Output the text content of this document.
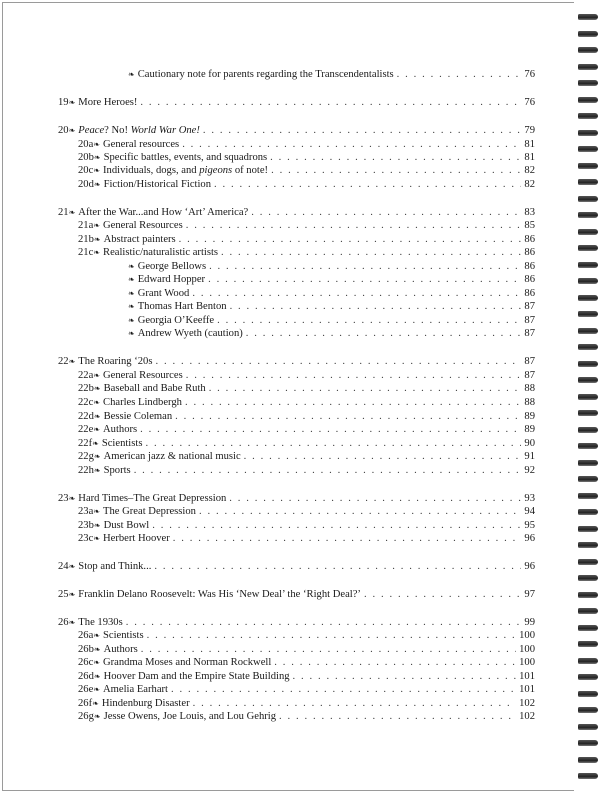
❧ Cautionary note for parents regarding the Transcendentalists . . .	76
19❧ More Heroes! . . .	76
20❧ Peace? No! World War One! . . .	79
20a❧ General resources . . .	81
20b❧ Specific battles, events, and squadrons . . .	81
20c❧ Individuals, dogs, and pigeons of note! . . .	82
20d❧ Fiction/Historical Fiction . . .	82
21❧ After the War...and How ‘Art’ America? . . .	83
21a❧ General Resources . . .	85
21b❧ Abstract painters . . .	86
21c❧ Realistic/naturalistic artists . . .	86
❧ George Bellows . . .	86
❧ Edward Hopper . . .	86
❧ Grant Wood . . .	86
❧ Thomas Hart Benton . . .	87
❧ Georgia O’Keeffe . . .	87
❧ Andrew Wyeth (caution) . . .	87
22❧ The Roaring ‘20s . . .	87
22a❧ General Resources . . .	87
22b❧ Baseball and Babe Ruth . . .	88
22c❧ Charles Lindbergh . . .	88
22d❧ Bessie Coleman . . .	89
22e❧ Authors . . .	89
22f❧ Scientists . . .	90
22g❧ American jazz & national music . . .	91
22h❧ Sports . . .	92
23❧ Hard Times–The Great Depression . . .	93
23a❧ The Great Depression . . .	94
23b❧ Dust Bowl . . .	95
23c❧ Herbert Hoover . . .	96
24❧ Stop and Think... . . .	96
25❧ Franklin Delano Roosevelt: Was His ‘New Deal’ the ‘Right Deal?’ . . .	97
26❧ The 1930s . . .	99
26a❧ Scientists . . .	100
26b❧ Authors . . .	100
26c❧ Grandma Moses and Norman Rockwell . . .	100
26d❧ Hoover Dam and the Empire State Building . . .	101
26e❧ Amelia Earhart . . .	101
26f❧ Hindenburg Disaster . . .	102
26g❧ Jesse Owens, Joe Louis, and Lou Gehrig . . .	102
